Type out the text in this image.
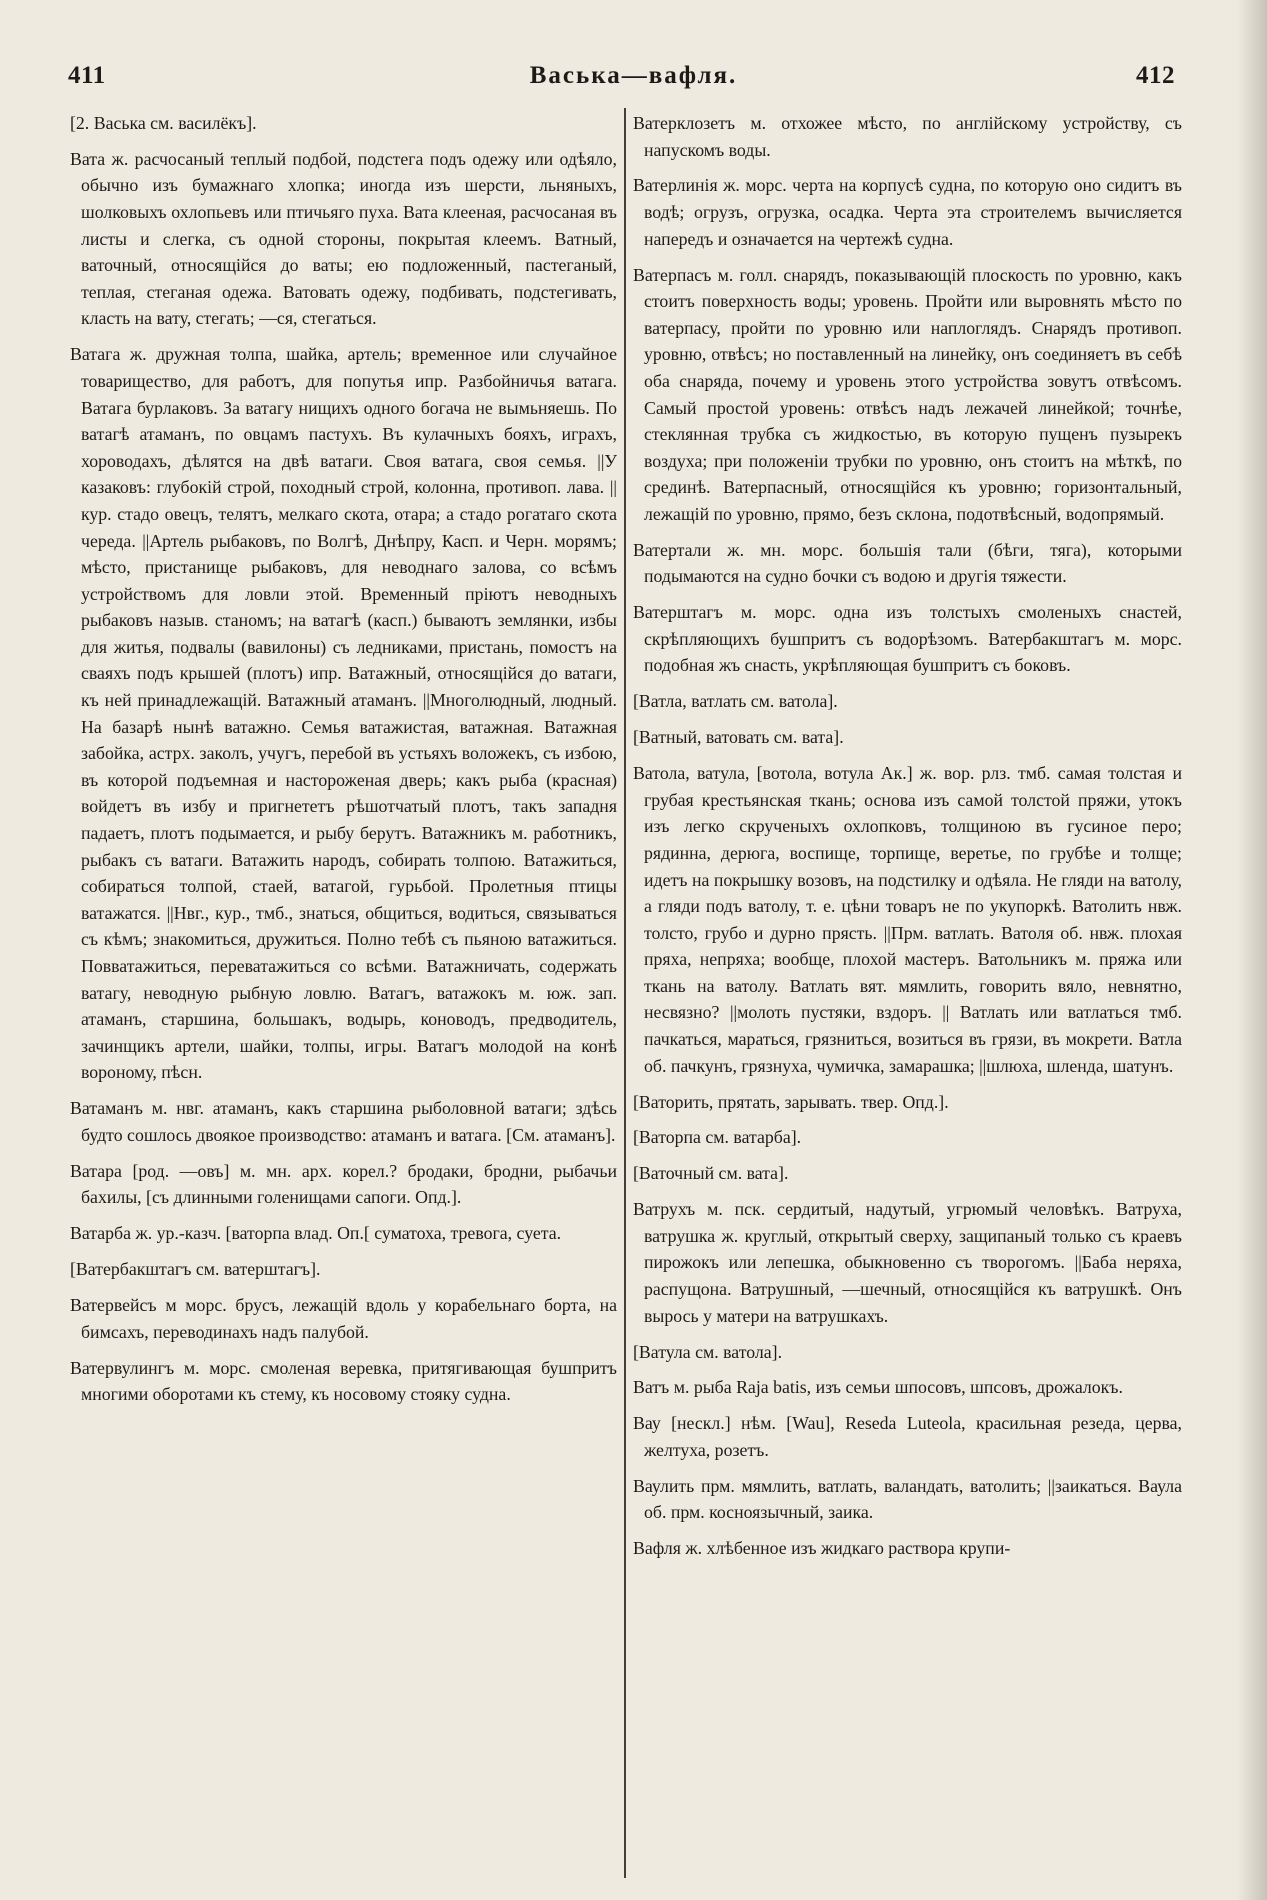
411	Васька—вафля.	412

[2. Васька см. василёкъ].

Вата ж. расчосаный теплый подбой, подстега подъ одежу или одѣяло, обычно изъ бумажнаго хлопка; иногда изъ шерсти, льняныхъ, шолковыхъ охлопьевъ или птичьяго пуха. Вата клееная, расчосаная въ листы и слегка, съ одной стороны, покрытая клеемъ. Ватный, ваточный, относящійся до ваты; ею подложенный, пастеганый, теплая, стеганая одежа. Ватовать одежу, подбивать, подстегивать, класть на вату, стегать; —ся, стегаться.

Ватага ж. дружная толпа, шайка, артель; временное или случайное товарищество, для работъ, для попутья ипр. Разбойничья ватага. Ватага бурлаковъ. За ватагу нищихъ одного богача не вымьняешь. По ватагѣ атаманъ, по овцамъ пастухъ. Въ кулачныхъ бояхъ, играхъ, хороводахъ, дѣлятся на двѣ ватаги. Своя ватага, своя семья. ||У казаковъ: глубокій строй, походный строй, колонна, противоп. лава. || кур. стадо овецъ, телятъ, мелкаго скота, отара; а стадо рогатаго скота череда. ||Артель рыбаковъ, по Волгѣ, Днѣпру, Касп. и Черн. морямъ; мѣсто, пристанище рыбаковъ, для неводнаго залова, со всѣмъ устройствомъ для ловли этой. Временный пріютъ неводныхъ рыбаковъ назыв. станомъ; на ватагѣ (касп.) бываютъ землянки, избы для житья, подвалы (вавилоны) съ ледниками, пристань, помостъ на сваяхъ подъ крышей (плотъ) ипр. Ватажный, относящійся до ватаги, къ ней принадлежащій. Ватажный атаманъ. ||Многолюдный, людный. На базарѣ нынѣ ватажно. Семья ватажистая, ватажная. Ватажная забойка, астрх. заколъ, учугъ, перебой въ устьяхъ воложекъ, съ избою, въ которой подъемная и насторожeная дверь; какъ рыба (красная) войдетъ въ избу и пригнететъ рѣшотчатый плотъ, такъ западня падаетъ, плотъ подымается, и рыбу берутъ. Ватажникъ м. работникъ, рыбакъ съ ватаги. Ватажить народъ, собирать толпою. Ватажиться, собираться толпой, стаей, ватагой, гурьбой. Пролетныя птицы ватажатся. ||Нвг., кур., тмб., знаться, общиться, водиться, связываться съ кѣмъ; знакомиться, дружиться. Полно тебѣ съ пьяною ватажиться. Повватажиться, переватажиться со всѣми. Ватажничать, содержать ватагу, неводную рыбную ловлю. Ватагъ, ватажокъ м. юж. зап. атаманъ, старшина, большакъ, водырь, коноводъ, предводитель, зачинщикъ артели, шайки, толпы, игры. Ватагъ молодой на конѣ вороному, пѣсн.

Ватаманъ м. нвг. атаманъ, какъ старшина рыболовной ватаги; здѣсь будто сошлось двоякое производство: атаманъ и ватага. [См. атаманъ].

Ватара [род. —овъ] м. мн. арх. корел.? бродаки, бродни, рыбачьи бахилы, [съ длинными голенищами сапоги. Опд.].

Ватарба ж. ур.-казч. [ваторпа влад. Оп.[ суматоха, тревога, суета.

[Ватербакштагъ см. ватерштагъ].

Ватервейсъ м морс. брусъ, лежащій вдоль у корабельнаго борта, на бимсахъ, переводинахъ надъ палубой.

Ватервулингъ м. морс. смоленая веревка, притягивающая бушпритъ многими оборотами къ стему, къ носовому стояку судна.

Ватерклозетъ м. отхожее мѣсто, по англійскому устройству, съ напускомъ воды.

Ватерлинія ж. морс. черта на корпусѣ судна, по которую оно сидитъ въ водѣ; огрузъ, огрузка, осадка. Черта эта строителемъ вычисляется напередъ и означается на чертежѣ судна.

Ватерпасъ м. голл. снарядъ, показывающій плоскость по уровню, какъ стоитъ поверхность воды; уровень. Пройти или выровнять мѣсто по ватерпасу, пройти по уровню или наплоглядъ. Снарядъ противоп. уровню, отвѣсъ; но поставленный на линейку, онъ соединяетъ въ себѣ оба снаряда, почему и уровень этого устройства зовутъ отвѣсомъ. Самый простой уровень: отвѣсъ надъ лежачей линейкой; точнѣе, стеклянная трубка съ жидкостью, въ которую пущенъ пузырекъ воздуха; при положеніи трубки по уровню, онъ стоитъ на мѣткѣ, по срединѣ. Ватерпасный, относящійся къ уровню; горизонтальный, лежащій по уровню, прямо, безъ склона, подотвѣсный, водопрямый.

Ватертали ж. мн. морс. большія тали (бѣги, тяга), которыми подымаются на судно бочки съ водою и другія тяжести.

Ватерштагъ м. морс. одна изъ толстыхъ смоленыхъ снастей, скрѣпляющихъ бушпритъ съ водорѣзомъ. Ватербакштагъ м. морс. подобная жъ снасть, укрѣпляющая бушпритъ съ боковъ.

[Ватла, ватлать см. ватола].

[Ватный, ватовать см. вата].

Ватола, ватула, [вотола, вотула Ак.] ж. вор. рлз. тмб. самая толстая и грубая крестьянская ткань; основа изъ самой толстой пряжи, утокъ изъ легко скрученыхъ охлопковъ, толщиною въ гусиное перо; рядинна, дерюга, воспище, торпище, веретье, по грубѣе и толще; идетъ на покрышку возовъ, на подстилку и одѣяла. Не гляди на ватолу, а гляди подъ ватолу, т. е. цѣни товаръ не по укупоркѣ. Ватолить нвж. толсто, грубо и дурно прясть. ||Прм. ватлать. Ватоля об. нвж. плохая пряха, непряха; вообще, плохой мастеръ. Ватольникъ м. пряжа или ткань на ватолу. Ватлать вят. мямлить, говорить вяло, невнятно, несвязно? ||молоть пустяки, вздоръ. || Ватлать или ватлаться тмб. пачкаться, мараться, грязниться, возиться въ грязи, въ мокрети. Ватла об. пачкунъ, грязнуха, чумичка, замарашка; ||шлюха, шленда, шатунъ.

[Ваторить, прятать, зарывать. твер. Опд.].

[Ваторпа см. ватарба].

[Ваточный см. вата].

Ватрухъ м. пск. сердитый, надутый, угрюмый человѣкъ. Ватруха, ватрушка ж. круглый, открытый сверху, защипаный только съ краевъ пирожокъ или лепешка, обыкновенно съ творогомъ. ||Баба неряха, распущона. Ватрушный, —шечный, относящійся къ ватрушкѣ. Онъ вырось у матери на ватрушкахъ.

[Ватула см. ватола].

Ватъ м. рыба Raja batis, изъ семьи шпосовъ, шпсовъ, дрожалокъ.

Вау [нескл.] нѣм. [Wau], Reseda Luteola, красильная резеда, церва, желтуха, розетъ.

Ваулить прм. мямлить, ватлать, валандать, ватолить; ||заикаться. Ваула об. прм. косноязычный, заика.

Вафля ж. хлѣбенное изъ жидкаго раствора крупи-
